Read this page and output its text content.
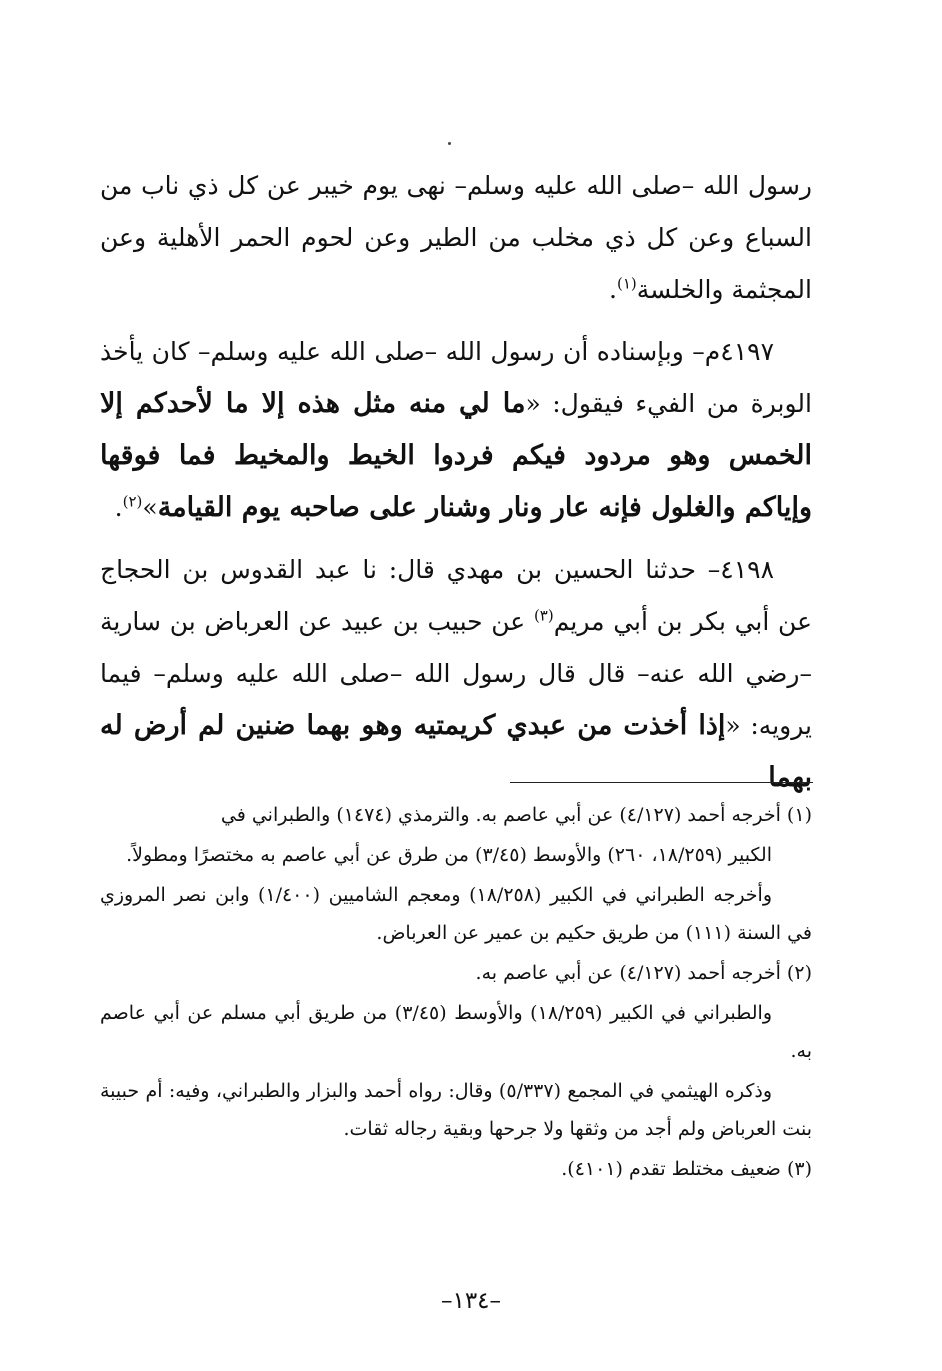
رسول الله –صلى الله عليه وسلم– نهى يوم خيبر عن كل ذي ناب من السباع وعن كل ذي مخلب من الطير وعن لحوم الحمر الأهلية وعن المجثمة والخلسة$^{(١)}$.

٤١٩٧م– وبإسناده أن رسول الله –صلى الله عليه وسلم– كان يأخذ الوبرة من الفيء فيقول: «ما لي منه مثل هذه إلا ما لأحدكم إلا الخمس وهو مردود فيكم فردوا الخيط والمخيط فما فوقها وإياكم والغلول فإنه عار ونار وشنار على صاحبه يوم القيامة»$^{(٢)}$.

٤١٩٨– حدثنا الحسين بن مهدي قال: نا عبد القدوس بن الحجاج عن أبي بكر بن أبي مريم$^{(٣)}$ عن حبيب بن عبيد عن العرباض بن سارية –رضي الله عنه– قال قال رسول الله –صلى الله عليه وسلم– فيما يرويه: «إذا أخذت من عبدي كريمتيه وهو بهما ضنين لم أرض له بهما

(١) أخرجه أحمد (٤/١٢٧) عن أبي عاصم به. والترمذي (١٤٧٤) والطبراني في

الكبير (١٨/٢٥٩، ٢٦٠) والأوسط (٣/٤٥) من طرق عن أبي عاصم به مختصرًا ومطولاً.

وأخرجه الطبراني في الكبير (١٨/٢٥٨) ومعجم الشاميين (١/٤٠٠) وابن نصر المروزي في السنة (١١١) من طريق حكيم بن عمير عن العرباض.

(٢) أخرجه أحمد (٤/١٢٧) عن أبي عاصم به.

والطبراني في الكبير (١٨/٢٥٩) والأوسط (٣/٤٥) من طريق أبي مسلم عن أبي عاصم به.

وذكره الهيثمي في المجمع (٥/٣٣٧) وقال: رواه أحمد والبزار والطبراني، وفيه: أم حبيبة بنت العرباض ولم أجد من وثقها ولا جرحها وبقية رجاله ثقات.

(٣) ضعيف مختلط تقدم (٤١٠١).

–١٣٤–
